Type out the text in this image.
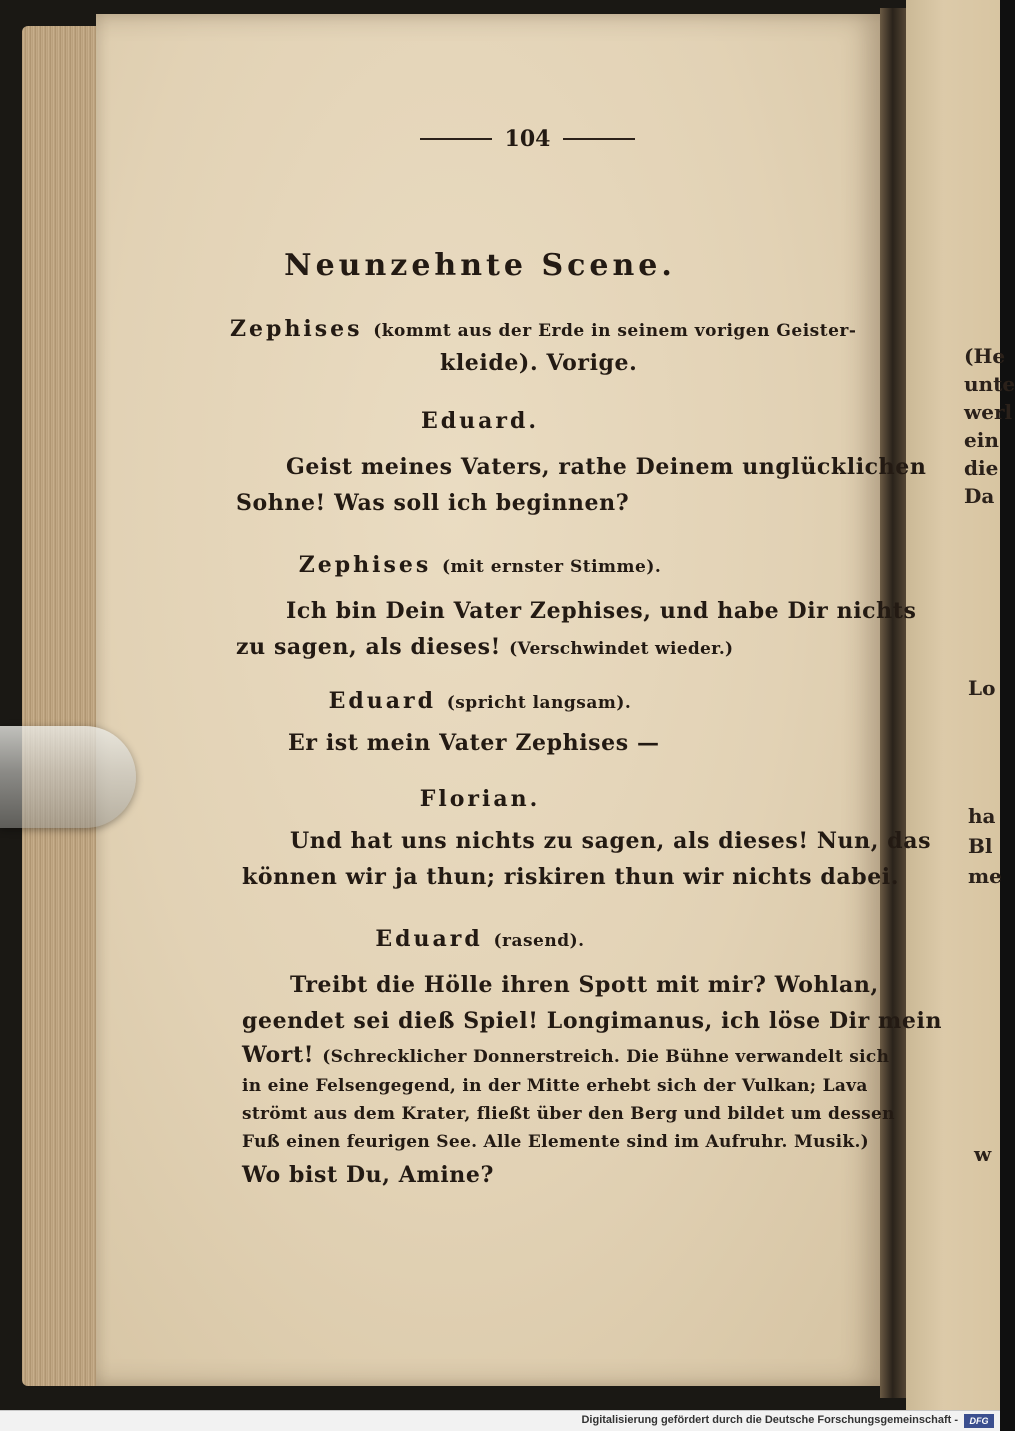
(He
unte
werl
ein
die
Da
Lo
ha
Bl
me
w
104
Neunzehnte Scene.
Zephises (kommt aus der Erde in seinem vorigen Geister-
kleide). Vorige.
Eduard.
Geist meines Vaters, rathe Deinem unglücklichen
Sohne! Was soll ich beginnen?
Zephises (mit ernster Stimme).
Ich bin Dein Vater Zephises, und habe Dir nichts
zu sagen, als dieses! (Verschwindet wieder.)
Eduard (spricht langsam).
Er ist mein Vater Zephises —
Florian.
Und hat uns nichts zu sagen, als dieses! Nun, das
können wir ja thun; riskiren thun wir nichts dabei.
Eduard (rasend).
Treibt die Hölle ihren Spott mit mir? Wohlan,
geendet sei dieß Spiel! Longimanus, ich löse Dir mein
Wort! (Schrecklicher Donnerstreich. Die Bühne verwandelt sich
in eine Felsengegend, in der Mitte erhebt sich der Vulkan; Lava
strömt aus dem Krater, fließt über den Berg und bildet um dessen
Fuß einen feurigen See. Alle Elemente sind im Aufruhr. Musik.)
Wo bist Du, Amine?
Digitalisierung gefördert durch die Deutsche Forschungsgemeinschaft -	DFG
